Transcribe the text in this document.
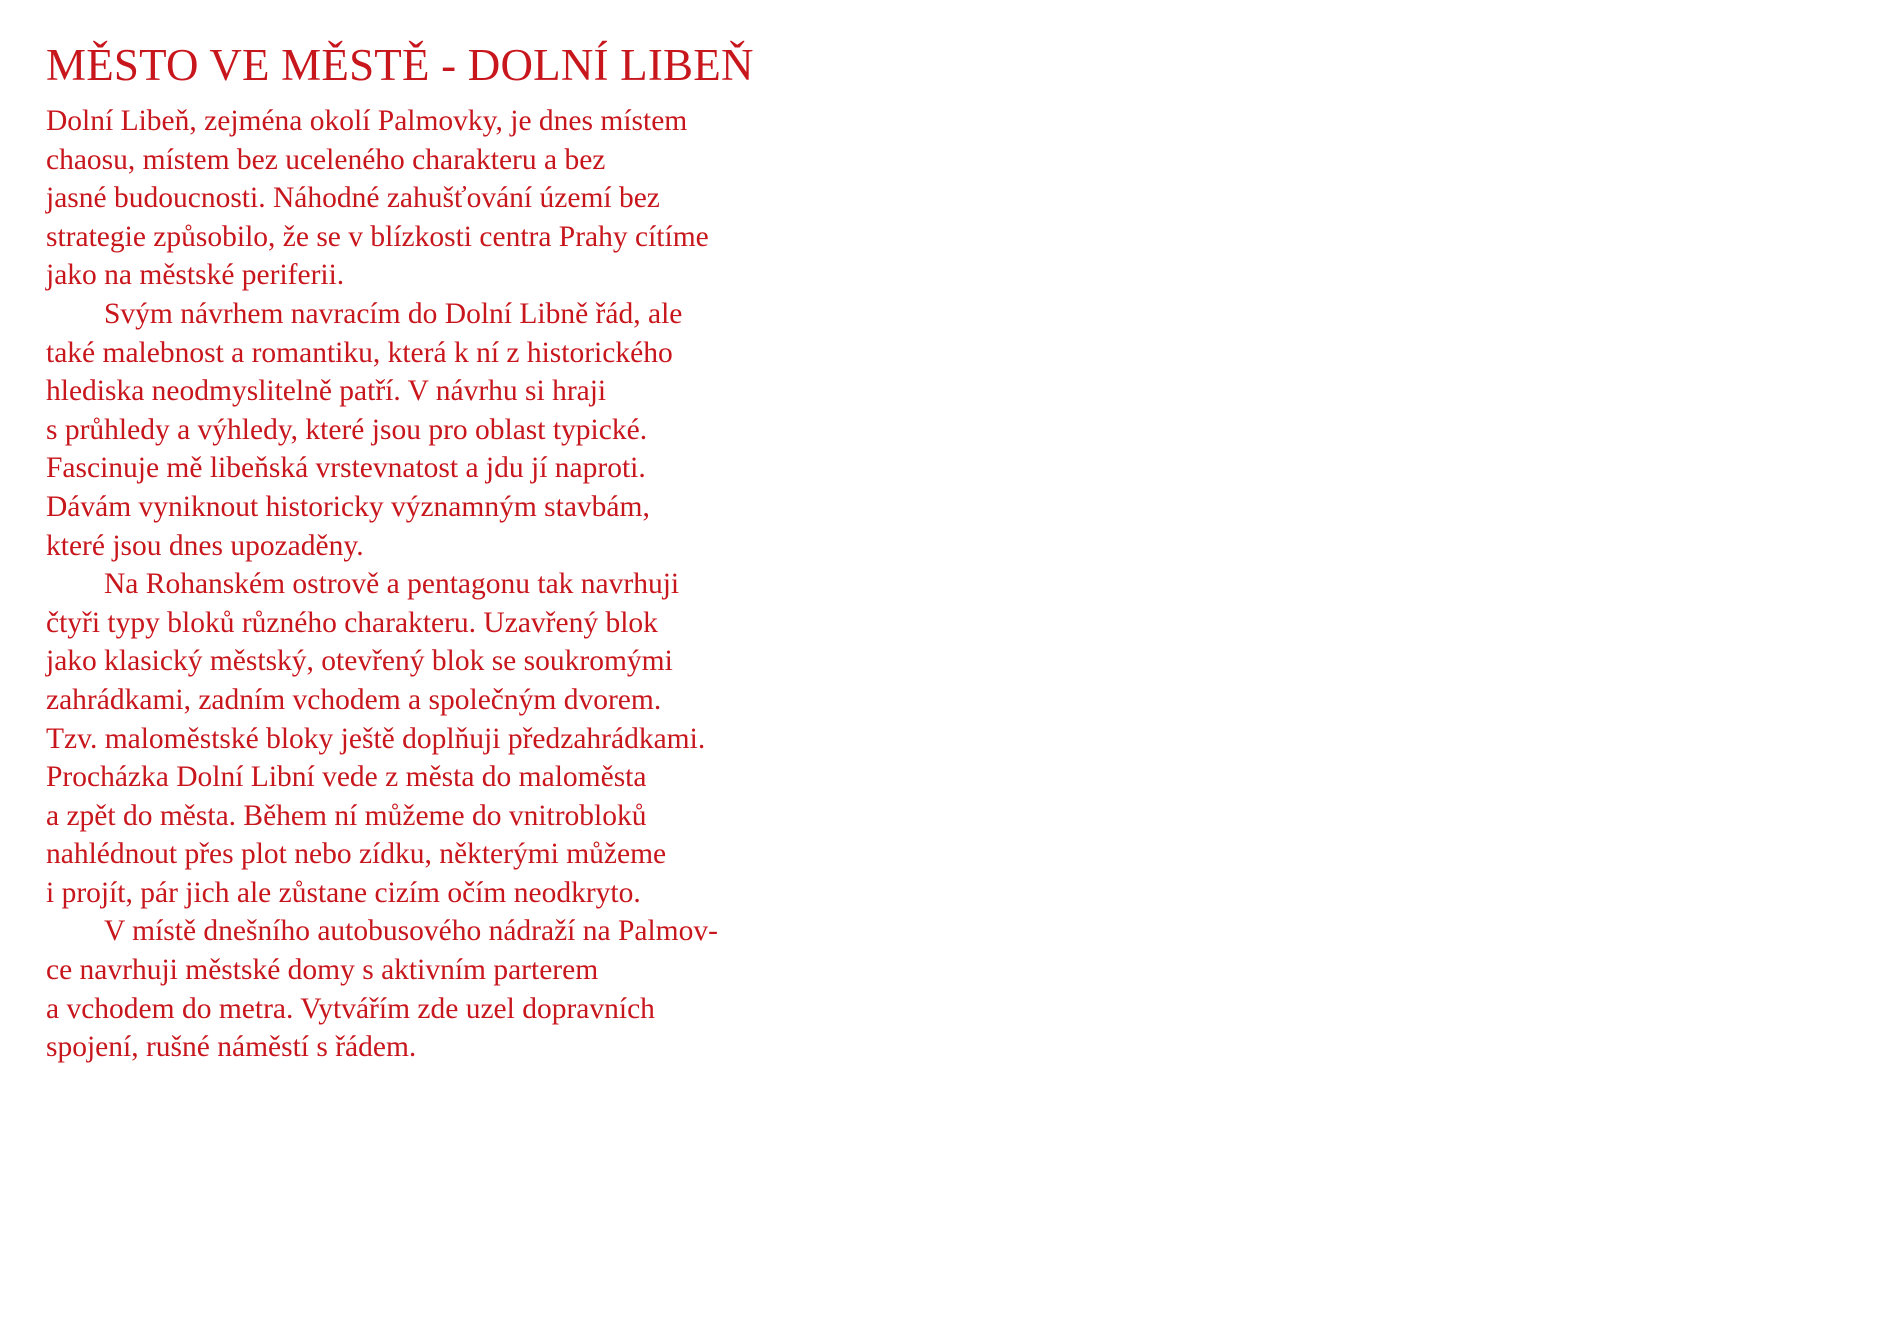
MĚSTO VE MĚSTĚ - DOLNÍ LIBEŇ
Dolní Libeň, zejména okolí Palmovky, je dnes místem
chaosu, místem bez uceleného charakteru a bez
jasné budoucnosti. Náhodné zahušťování území bez
strategie způsobilo, že se v blízkosti centra Prahy cítíme
jako na městské periferii.
Svým návrhem navracím do Dolní Libně řád, ale
také malebnost a romantiku, která k ní z historického
hlediska neodmyslitelně patří. V návrhu si hraji
s průhledy a výhledy, které jsou pro oblast typické.
Fascinuje mě libeňská vrstevnatost a jdu jí naproti.
Dávám vyniknout historicky významným stavbám,
které jsou dnes upozaděny.
Na Rohanském ostrově a pentagonu tak navrhuji
čtyři typy bloků různého charakteru. Uzavřený blok
jako klasický městský, otevřený blok se soukromými
zahrádkami, zadním vchodem a společným dvorem.
Tzv. maloměstské bloky ještě doplňuji předzahrádkami.
Procházka Dolní Libní vede z města do maloměsta
a zpět do města. Během ní můžeme do vnitrobloků
nahlédnout přes plot nebo zídku, některými můžeme
i projít, pár jich ale zůstane cizím očím neodkryto.
V místě dnešního autobusového nádraží na Palmov-
ce navrhuji městské domy s aktivním parterem
a vchodem do metra. Vytvářím zde uzel dopravních
spojení, rušné náměstí s řádem.
